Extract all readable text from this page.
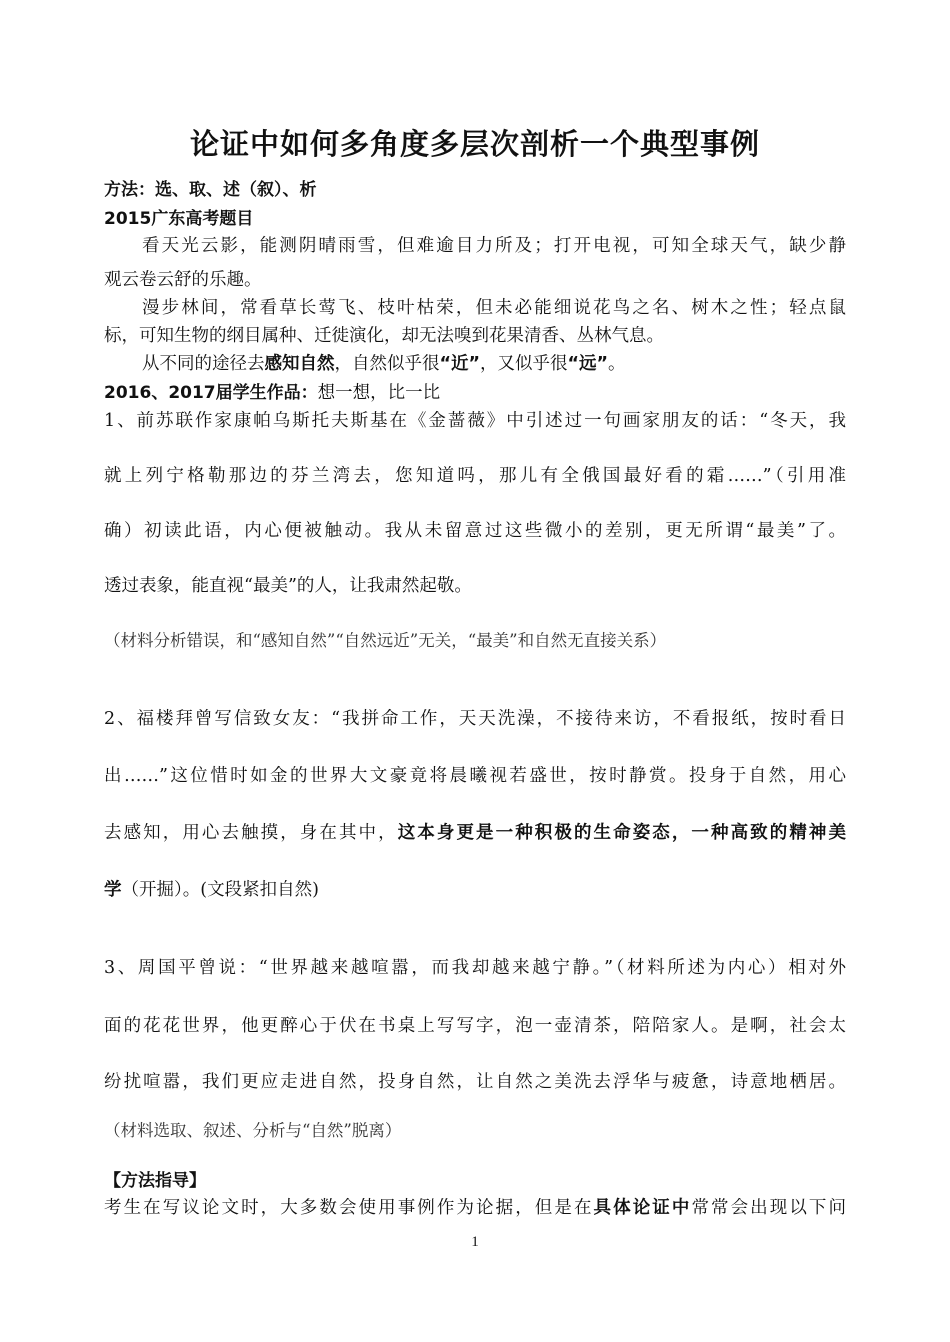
论证中如何多角度多层次剖析一个典型事例
方法：选、取、述（叙）、析
2015广东高考题目
看天光云影，能测阴晴雨雪，但难逾目力所及；打开电视，可知全球天气，缺少静
观云卷云舒的乐趣。
漫步林间，常看草长莺飞、枝叶枯荣，但未必能细说花鸟之名、树木之性；轻点鼠
标，可知生物的纲目属种、迁徙演化，却无法嗅到花果清香、丛林气息。
从不同的途径去感知自然，自然似乎很“近”，又似乎很“远”。
2016、2017届学生作品：想一想，比一比
1、前苏联作家康帕乌斯托夫斯基在《金蔷薇》中引述过一句画家朋友的话：“冬天，我
就上列宁格勒那边的芬兰湾去，您知道吗，那儿有全俄国最好看的霜……”（引用准
确）初读此语，内心便被触动。我从未留意过这些微小的差别，更无所谓“最美”了。
透过表象，能直视“最美”的人，让我肃然起敬。
（材料分析错误，和“感知自然”“自然远近”无关，“最美”和自然无直接关系）
2、福楼拜曾写信致女友：“我拼命工作，天天洗澡，不接待来访，不看报纸，按时看日
出……”这位惜时如金的世界大文豪竟将晨曦视若盛世，按时静赏。投身于自然，用心
去感知，用心去触摸，身在其中，这本身更是一种积极的生命姿态，一种高致的精神美
学（开掘）。(文段紧扣自然)
3、周国平曾说：“世界越来越喧嚣，而我却越来越宁静。”（材料所述为内心）相对外
面的花花世界，他更醉心于伏在书桌上写写字，泡一壶清茶，陪陪家人。是啊，社会太
纷扰喧嚣，我们更应走进自然，投身自然，让自然之美洗去浮华与疲惫，诗意地栖居。
（材料选取、叙述、分析与“自然”脱离）
【方法指导】
考生在写议论文时，大多数会使用事例作为论据，但是在具体论证中常常会出现以下问
1
